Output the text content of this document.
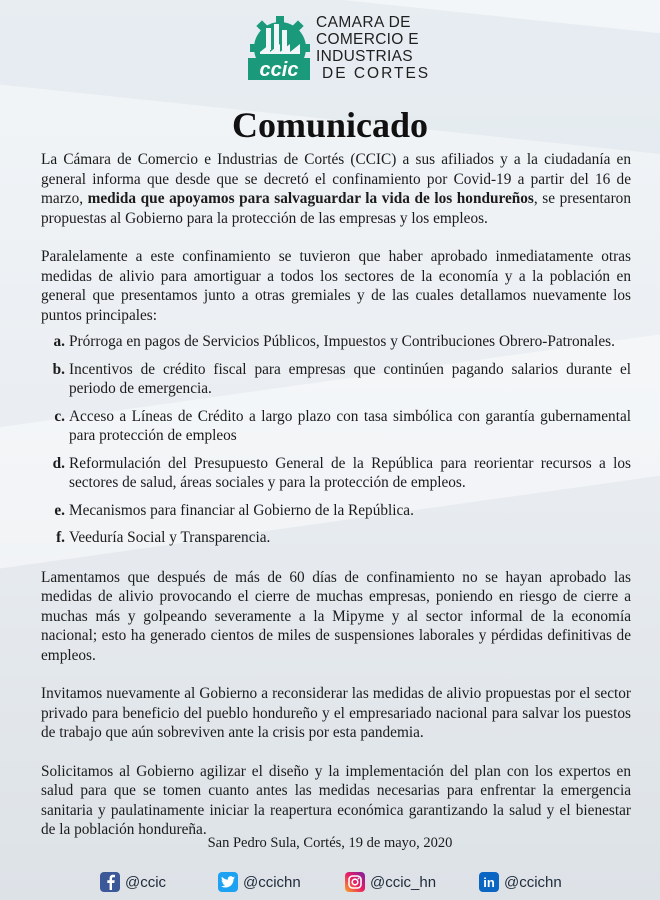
ccic
CAMARA DE
COMERCIO E
INDUSTRIAS
DE CORTES
Comunicado

La Cámara de Comercio e Industrias de Cortés (CCIC) a sus afiliados y a la ciudadanía en general informa que desde que se decretó el confinamiento por Covid-19 a partir del 16 de marzo, medida que apoyamos para salvaguardar la vida de los hondureños, se presentaron propuestas al Gobierno para la protección de las empresas y los empleos.

Paralelamente a este confinamiento se tuvieron que haber aprobado inmediatamente otras medidas de alivio para amortiguar a todos los sectores de la economía y a la población en general que presentamos junto a otras gremiales y de las cuales detallamos nuevamente los puntos principales:

a. Prórroga en pagos de Servicios Públicos, Impuestos y Contribuciones Obrero-Patronales.
b. Incentivos de crédito fiscal para empresas que continúen pagando salarios durante el periodo de emergencia.
c. Acceso a Líneas de Crédito a largo plazo con tasa simbólica con garantía gubernamental para protección de empleos
d. Reformulación del Presupuesto General de la República para reorientar recursos a los sectores de salud, áreas sociales y para la protección de empleos.
e. Mecanismos para financiar al Gobierno de la República.
f. Veeduría Social y Transparencia.

Lamentamos que después de más de 60 días de confinamiento no se hayan aprobado las medidas de alivio provocando el cierre de muchas empresas, poniendo en riesgo de cierre a muchas más y golpeando severamente a la Mipyme y al sector informal de la economía nacional; esto ha generado cientos de miles de suspensiones laborales y pérdidas definitivas de empleos.

Invitamos nuevamente al Gobierno a reconsiderar las medidas de alivio propuestas por el sector privado para beneficio del pueblo hondureño y el empresariado nacional para salvar los puestos de trabajo que aún sobreviven ante la crisis por esta pandemia.

Solicitamos al Gobierno agilizar el diseño y la implementación del plan con los expertos en salud para que se tomen cuanto antes las medidas necesarias para enfrentar la emergencia sanitaria y paulatinamente iniciar la reapertura económica garantizando la salud y el bienestar de la población hondureña.

San Pedro Sula, Cortés, 19 de mayo, 2020
@ccic	@ccichn	@ccic_hn	in @ccichn
